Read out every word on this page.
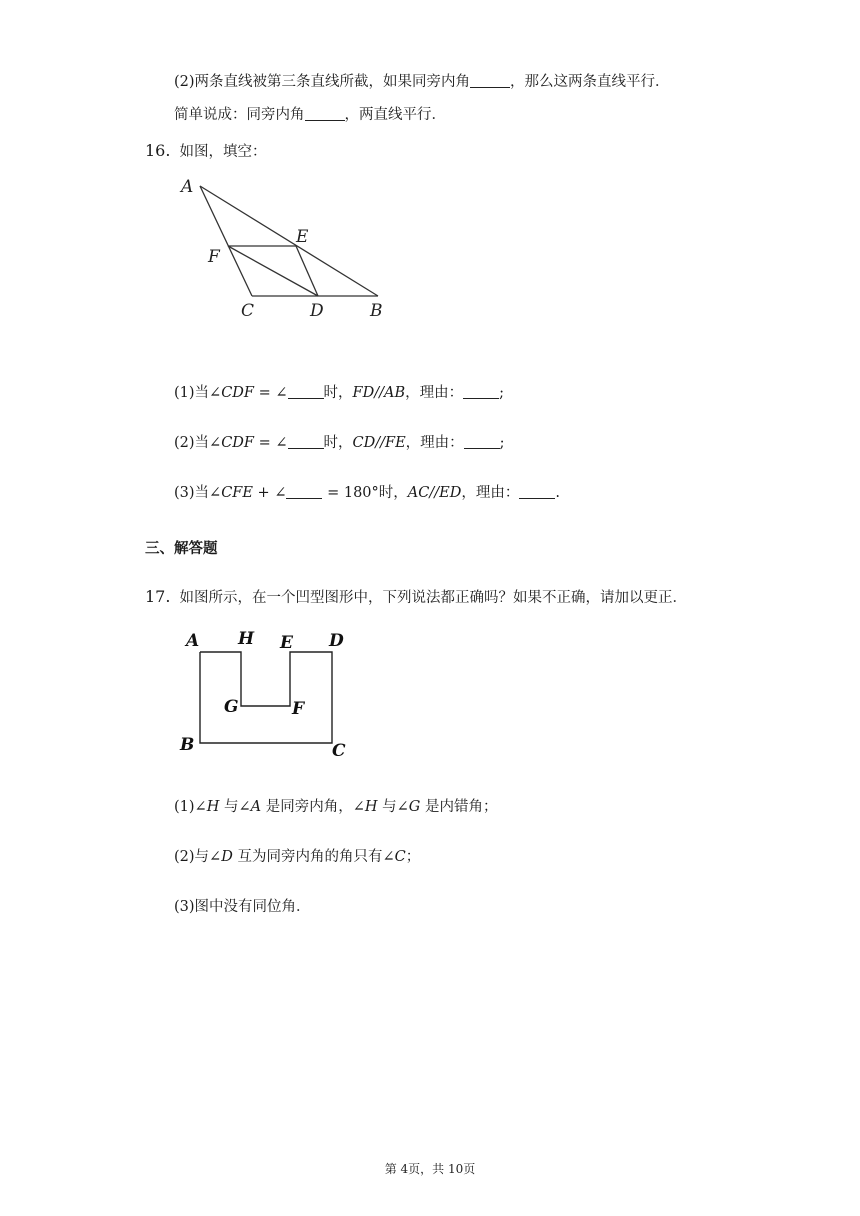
(2)两条直线被第三条直线所截，如果同旁内角	，那么这两条直线平行．
简单说成：同旁内角	，两直线平行．
16. 如图，填空：
A
E
F
C	D	B
(1)当∠CDF = ∠ 时，FD//AB，理由： ;
(2)当∠CDF = ∠ 时，CD//FE，理由： ;
(3)当∠CFE + ∠ = 180°时，AC//ED，理由： .
三、解答题
17. 如图所示，在一个凹型图形中，下列说法都正确吗？如果不正确，请加以更正．
A H E D
G	F
B	C
(1)∠H 与∠A 是同旁内角，∠H 与∠G 是内错角；
(2)与∠D 互为同旁内角的角只有∠C；
(3)图中没有同位角．
第 4页，共 10页
